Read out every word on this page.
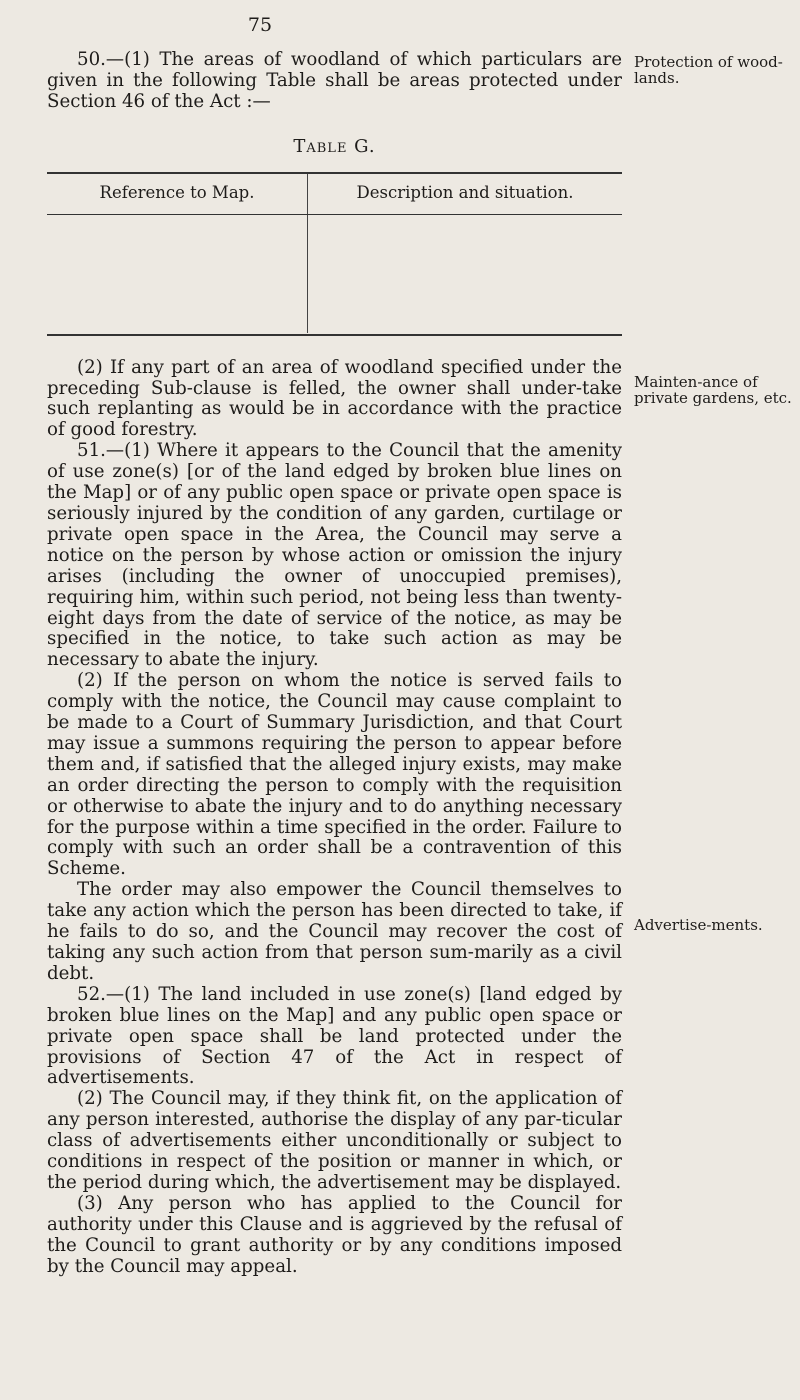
75

50.—(1) The areas of woodland of which particulars are given in the following Table shall be areas protected under Section 46 of the Act :—

Table G.
Reference to Map.	Description and situation.

(2) If any part of an area of woodland specified under the preceding Sub-clause is felled, the owner shall under-take such replanting as would be in accordance with the practice of good forestry.

51.—(1) Where it appears to the Council that the amenity of use zone(s) [or of the land edged by broken blue lines on the Map] or of any public open space or private open space is seriously injured by the condition of any garden, curtilage or private open space in the Area, the Council may serve a notice on the person by whose action or omission the injury arises (including the owner of unoccupied premises), requiring him, within such period, not being less than twenty-eight days from the date of service of the notice, as may be specified in the notice, to take such action as may be necessary to abate the injury.

(2) If the person on whom the notice is served fails to comply with the notice, the Council may cause complaint to be made to a Court of Summary Jurisdiction, and that Court may issue a summons requiring the person to appear before them and, if satisfied that the alleged injury exists, may make an order directing the person to comply with the requisition or otherwise to abate the injury and to do anything necessary for the purpose within a time specified in the order. Failure to comply with such an order shall be a contravention of this Scheme.

The order may also empower the Council themselves to take any action which the person has been directed to take, if he fails to do so, and the Council may recover the cost of taking any such action from that person sum-marily as a civil debt.

52.—(1) The land included in use zone(s) [land edged by broken blue lines on the Map] and any public open space or private open space shall be land protected under the provisions of Section 47 of the Act in respect of advertisements.

(2) The Council may, if they think fit, on the application of any person interested, authorise the display of any par-ticular class of advertisements either unconditionally or subject to conditions in respect of the position or manner in which, or the period during which, the advertisement may be displayed.

(3) Any person who has applied to the Council for authority under this Clause and is aggrieved by the refusal of the Council to grant authority or by any conditions imposed by the Council may appeal.

Protection of wood-lands.
Mainten-ance of private gardens, etc.
Advertise-ments.
